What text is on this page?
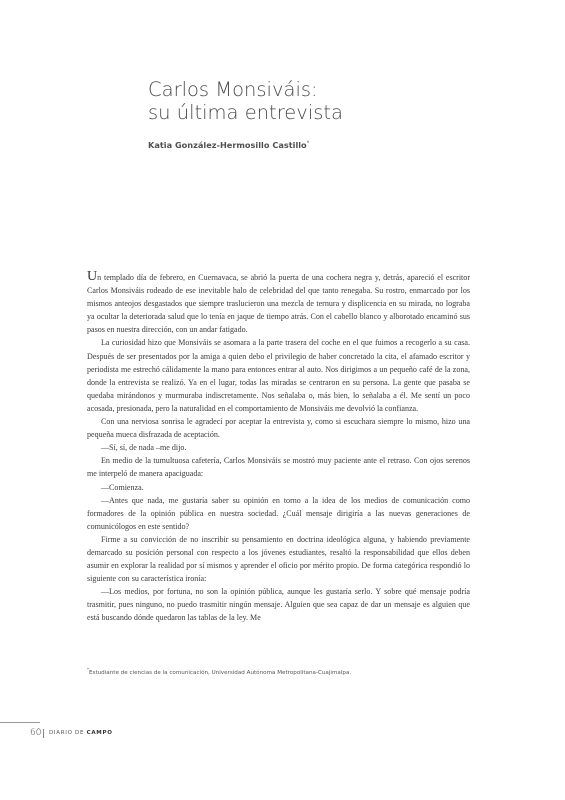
Carlos Monsiváis:
su última entrevista
Katia González-Hermosillo Castillo*

Un templado día de febrero, en Cuernavaca, se abrió la puerta de una cochera negra y, detrás, apareció el escritor Carlos Monsiváis rodeado de ese inevitable halo de celebridad del que tanto renegaba. Su rostro, enmarcado por los mismos anteojos desgastados que siempre traslucieron una mezcla de ternura y displicencia en su mirada, no lograba ya ocultar la deteriorada salud que lo tenía en jaque de tiempo atrás. Con el cabello blanco y alborotado encaminó sus pasos en nuestra dirección, con un andar fatigado.

La curiosidad hizo que Monsiváis se asomara a la parte trasera del coche en el que fuimos a recogerlo a su casa. Después de ser presentados por la amiga a quien debo el privilegio de haber concretado la cita, el afamado escritor y periodista me estrechó cálidamente la mano para entonces entrar al auto. Nos dirigimos a un pequeño café de la zona, donde la entrevista se realizó. Ya en el lugar, todas las miradas se centraron en su persona. La gente que pasaba se quedaba mirándonos y murmuraba indiscretamente. Nos señalaba o, más bien, lo señalaba a él. Me sentí un poco acosada, presionada, pero la naturalidad en el comportamiento de Monsiváis me devolvió la confianza.

Con una nerviosa sonrisa le agradecí por aceptar la entrevista y, como si escuchara siempre lo mismo, hizo una pequeña mueca disfrazada de aceptación.

—Sí, sí, de nada –me dijo.

En medio de la tumultuosa cafetería, Carlos Monsiváis se mostró muy paciente ante el retraso. Con ojos serenos me interpeló de manera apaciguada:

—Comienza.

—Antes que nada, me gustaría saber su opinión en torno a la idea de los medios de comunicación como formadores de la opinión pública en nuestra sociedad. ¿Cuál mensaje dirigiría a las nuevas generaciones de comunicólogos en este sentido?

Firme a su convicción de no inscribir su pensamiento en doctrina ideológica alguna, y habiendo previamente demarcado su posición personal con respecto a los jóvenes estudiantes, resaltó la responsabilidad que ellos deben asumir en explorar la realidad por sí mismos y aprender el oficio por mérito propio. De forma categórica respondió lo siguiente con su característica ironía:

—Los medios, por fortuna, no son la opinión pública, aunque les gustaría serlo. Y sobre qué mensaje podría trasmitir, pues ninguno, no puedo trasmitir ningún mensaje. Alguien que sea capaz de dar un mensaje es alguien que está buscando dónde quedaron las tablas de la ley. Me

*Estudiante de ciencias de la comunicación, Universidad Autónoma Metropolitana-Cuajimalpa.
60 DIARIO DE CAMPO
